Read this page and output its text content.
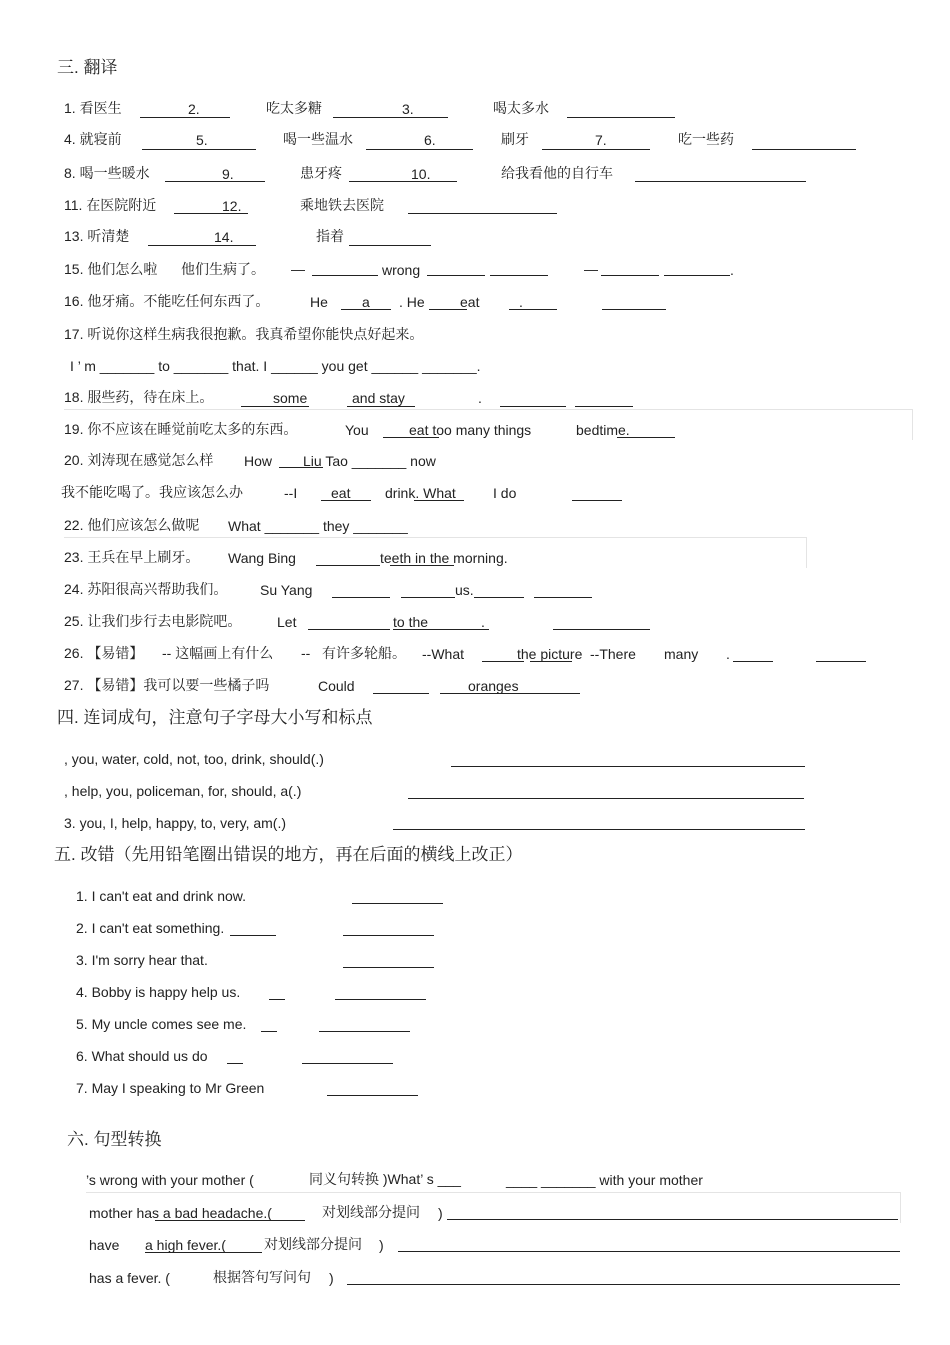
三. 翻译
1. 看医生	2.	吃太多糖	3.	喝太多水
4. 就寝前	5.	喝一些温水	6.	刷牙	7.	吃一些药
8. 喝一些暖水	9.	患牙疼	10.	给我看他的自行车
11. 在医院附近	12.	乘地铁去医院
13. 听清楚	14.	指着
15. 他们怎么啦 他们生病了。 —	wrong	—	.
16. 他牙痛。不能吃任何东西了。	He a . He	eat	.
17. 听说你这样生病我很抱歉。我真希望你能快点好起来。
I ’ m _______ to _______ that. I ______ you get ______ _______.
18. 服些药，待在床上。	some	and stay	.
19. 你不应该在睡觉前吃太多的东西。	You	eat too many things	bedtime.
20. 刘涛现在感觉怎么样 How Liu Tao _______ now
我不能吃喝了。我应该怎么办	--I eat drink. What	I do
22. 他们应该怎么做呢 What _______ they _______
23. 王兵在早上刷牙。 Wang Bing	teeth in the morning.
24. 苏阳很高兴帮助我们。 Su Yang	us.
25. 让我们步行去电影院吧。	Let	to the	.
26. 【易错】 -- 这幅画上有什么 -- 有许多轮船。 --What	the picture --There many .
27. 【易错】我可以要一些橘子吗	Could	oranges
四. 连词成句，注意句子字母大小写和标点
, you, water, cold, not, too, drink, should(.)
, help, you, policeman, for, should, a(.)
3. you, I, help, happy, to, very, am(.)
五. 改错（先用铅笔圈出错误的地方，再在后面的横线上改正）
1. I can't eat and drink now.
2. I can't eat something.
3. I'm sorry hear that.
4. Bobby is happy help us.
5. My uncle comes see me.
6. What should us do
7. May I speaking to Mr Green
六. 句型转换
’s wrong with your mother (	同义句转换 )What’ s ___	____ _______ with your mother
mother has a bad headache.(	对划线部分提问 )
have a high fever.(	对划线部分提问 )
has a fever. (	根据答句写问句 )
